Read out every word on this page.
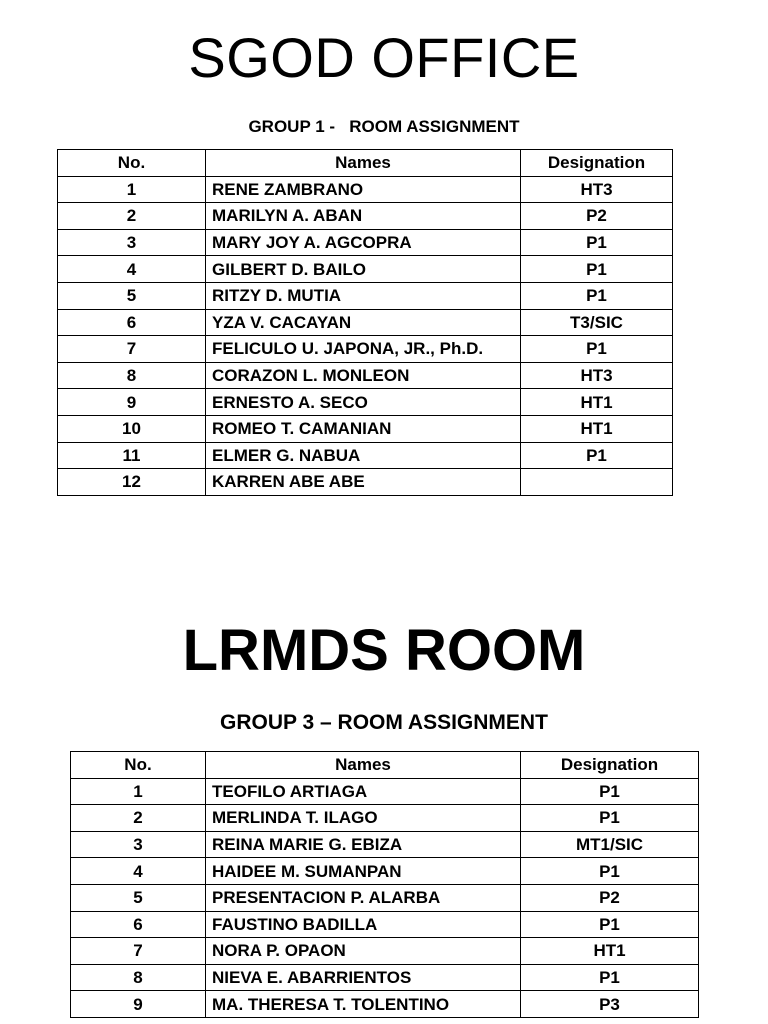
SGOD OFFICE
GROUP 1 -   ROOM ASSIGNMENT
No.	Names	Designation
1	RENE ZAMBRANO	HT3
2	MARILYN A. ABAN	P2
3	MARY JOY A. AGCOPRA	P1
4	GILBERT D. BAILO	P1
5	RITZY D. MUTIA	P1
6	YZA V. CACAYAN	T3/SIC
7	FELICULO U. JAPONA, JR., Ph.D.	P1
8	CORAZON L. MONLEON	HT3
9	ERNESTO A. SECO	HT1
10	ROMEO T. CAMANIAN	HT1
11	ELMER G. NABUA	P1
12	KARREN ABE ABE	
LRMDS ROOM
GROUP 3 – ROOM ASSIGNMENT
No.	Names	Designation
1	TEOFILO ARTIAGA	P1
2	MERLINDA T. ILAGO	P1
3	REINA MARIE G. EBIZA	MT1/SIC
4	HAIDEE M. SUMANPAN	P1
5	PRESENTACION P. ALARBA	P2
6	FAUSTINO BADILLA	P1
7	NORA P. OPAON	HT1
8	NIEVA E. ABARRIENTOS	P1
9	MA. THERESA T. TOLENTINO	P3
